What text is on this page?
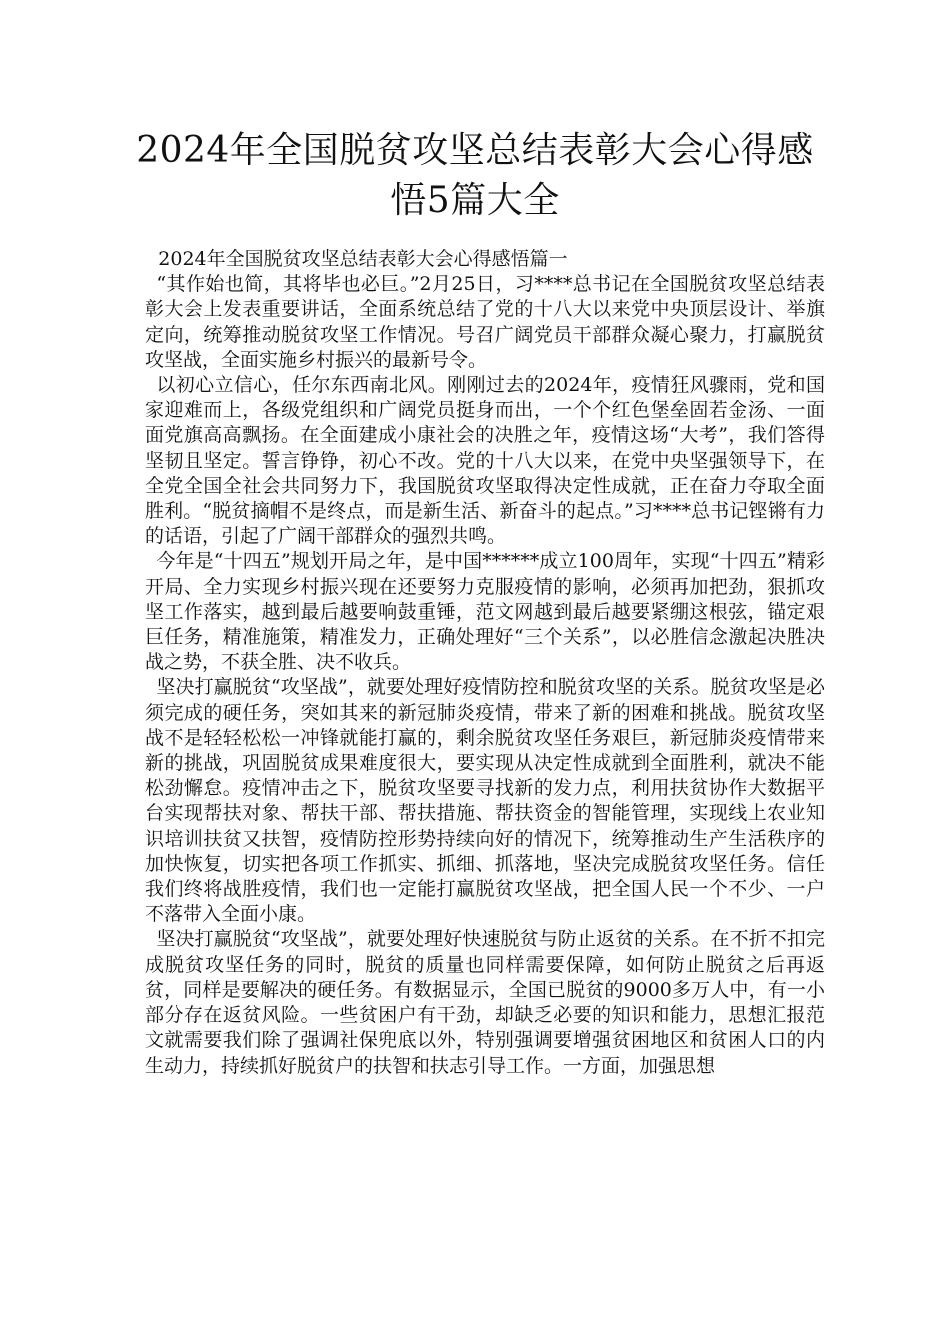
2024年全国脱贫攻坚总结表彰大会心得感
悟5篇大全

2024年全国脱贫攻坚总结表彰大会心得感悟篇一

“其作始也简，其将毕也必巨。”2月25日，习****总书记在全国脱贫攻坚总结表彰大会上发表重要讲话，全面系统总结了党的十八大以来党中央顶层设计、举旗定向，统筹推动脱贫攻坚工作情况。号召广阔党员干部群众凝心聚力，打赢脱贫攻坚战，全面实施乡村振兴的最新号令。

以初心立信心，任尔东西南北风。刚刚过去的2024年，疫情狂风骤雨，党和国家迎难而上，各级党组织和广阔党员挺身而出，一个个红色堡垒固若金汤、一面面党旗高高飘扬。在全面建成小康社会的决胜之年，疫情这场“大考”，我们答得坚韧且坚定。誓言铮铮，初心不改。党的十八大以来，在党中央坚强领导下，在全党全国全社会共同努力下，我国脱贫攻坚取得决定性成就，正在奋力夺取全面胜利。“脱贫摘帽不是终点，而是新生活、新奋斗的起点。”习****总书记铿锵有力的话语，引起了广阔干部群众的强烈共鸣。

今年是“十四五”规划开局之年，是中国******成立100周年，实现“十四五”精彩开局、全力实现乡村振兴现在还要努力克服疫情的影响，必须再加把劲，狠抓攻坚工作落实，越到最后越要响鼓重锤，范文网越到最后越要紧绷这根弦，锚定艰巨任务，精准施策，精准发力，正确处理好“三个关系”，以必胜信念激起决胜决战之势，不获全胜、决不收兵。

坚决打赢脱贫“攻坚战”，就要处理好疫情防控和脱贫攻坚的关系。脱贫攻坚是必须完成的硬任务，突如其来的新冠肺炎疫情，带来了新的困难和挑战。脱贫攻坚战不是轻轻松松一冲锋就能打赢的，剩余脱贫攻坚任务艰巨，新冠肺炎疫情带来新的挑战，巩固脱贫成果难度很大，要实现从决定性成就到全面胜利，就决不能松劲懈怠。疫情冲击之下，脱贫攻坚要寻找新的发力点，利用扶贫协作大数据平台实现帮扶对象、帮扶干部、帮扶措施、帮扶资金的智能管理，实现线上农业知识培训扶贫又扶智，疫情防控形势持续向好的情况下，统筹推动生产生活秩序的加快恢复，切实把各项工作抓实、抓细、抓落地，坚决完成脱贫攻坚任务。信任我们终将战胜疫情，我们也一定能打赢脱贫攻坚战，把全国人民一个不少、一户不落带入全面小康。

坚决打赢脱贫“攻坚战”，就要处理好快速脱贫与防止返贫的关系。在不折不扣完成脱贫攻坚任务的同时，脱贫的质量也同样需要保障，如何防止脱贫之后再返贫，同样是要解决的硬任务。有数据显示，全国已脱贫的9000多万人中，有一小部分存在返贫风险。一些贫困户有干劲，却缺乏必要的知识和能力，思想汇报范文就需要我们除了强调社保兜底以外，特别强调要增强贫困地区和贫困人口的内生动力，持续抓好脱贫户的扶智和扶志引导工作。一方面，加强思想
